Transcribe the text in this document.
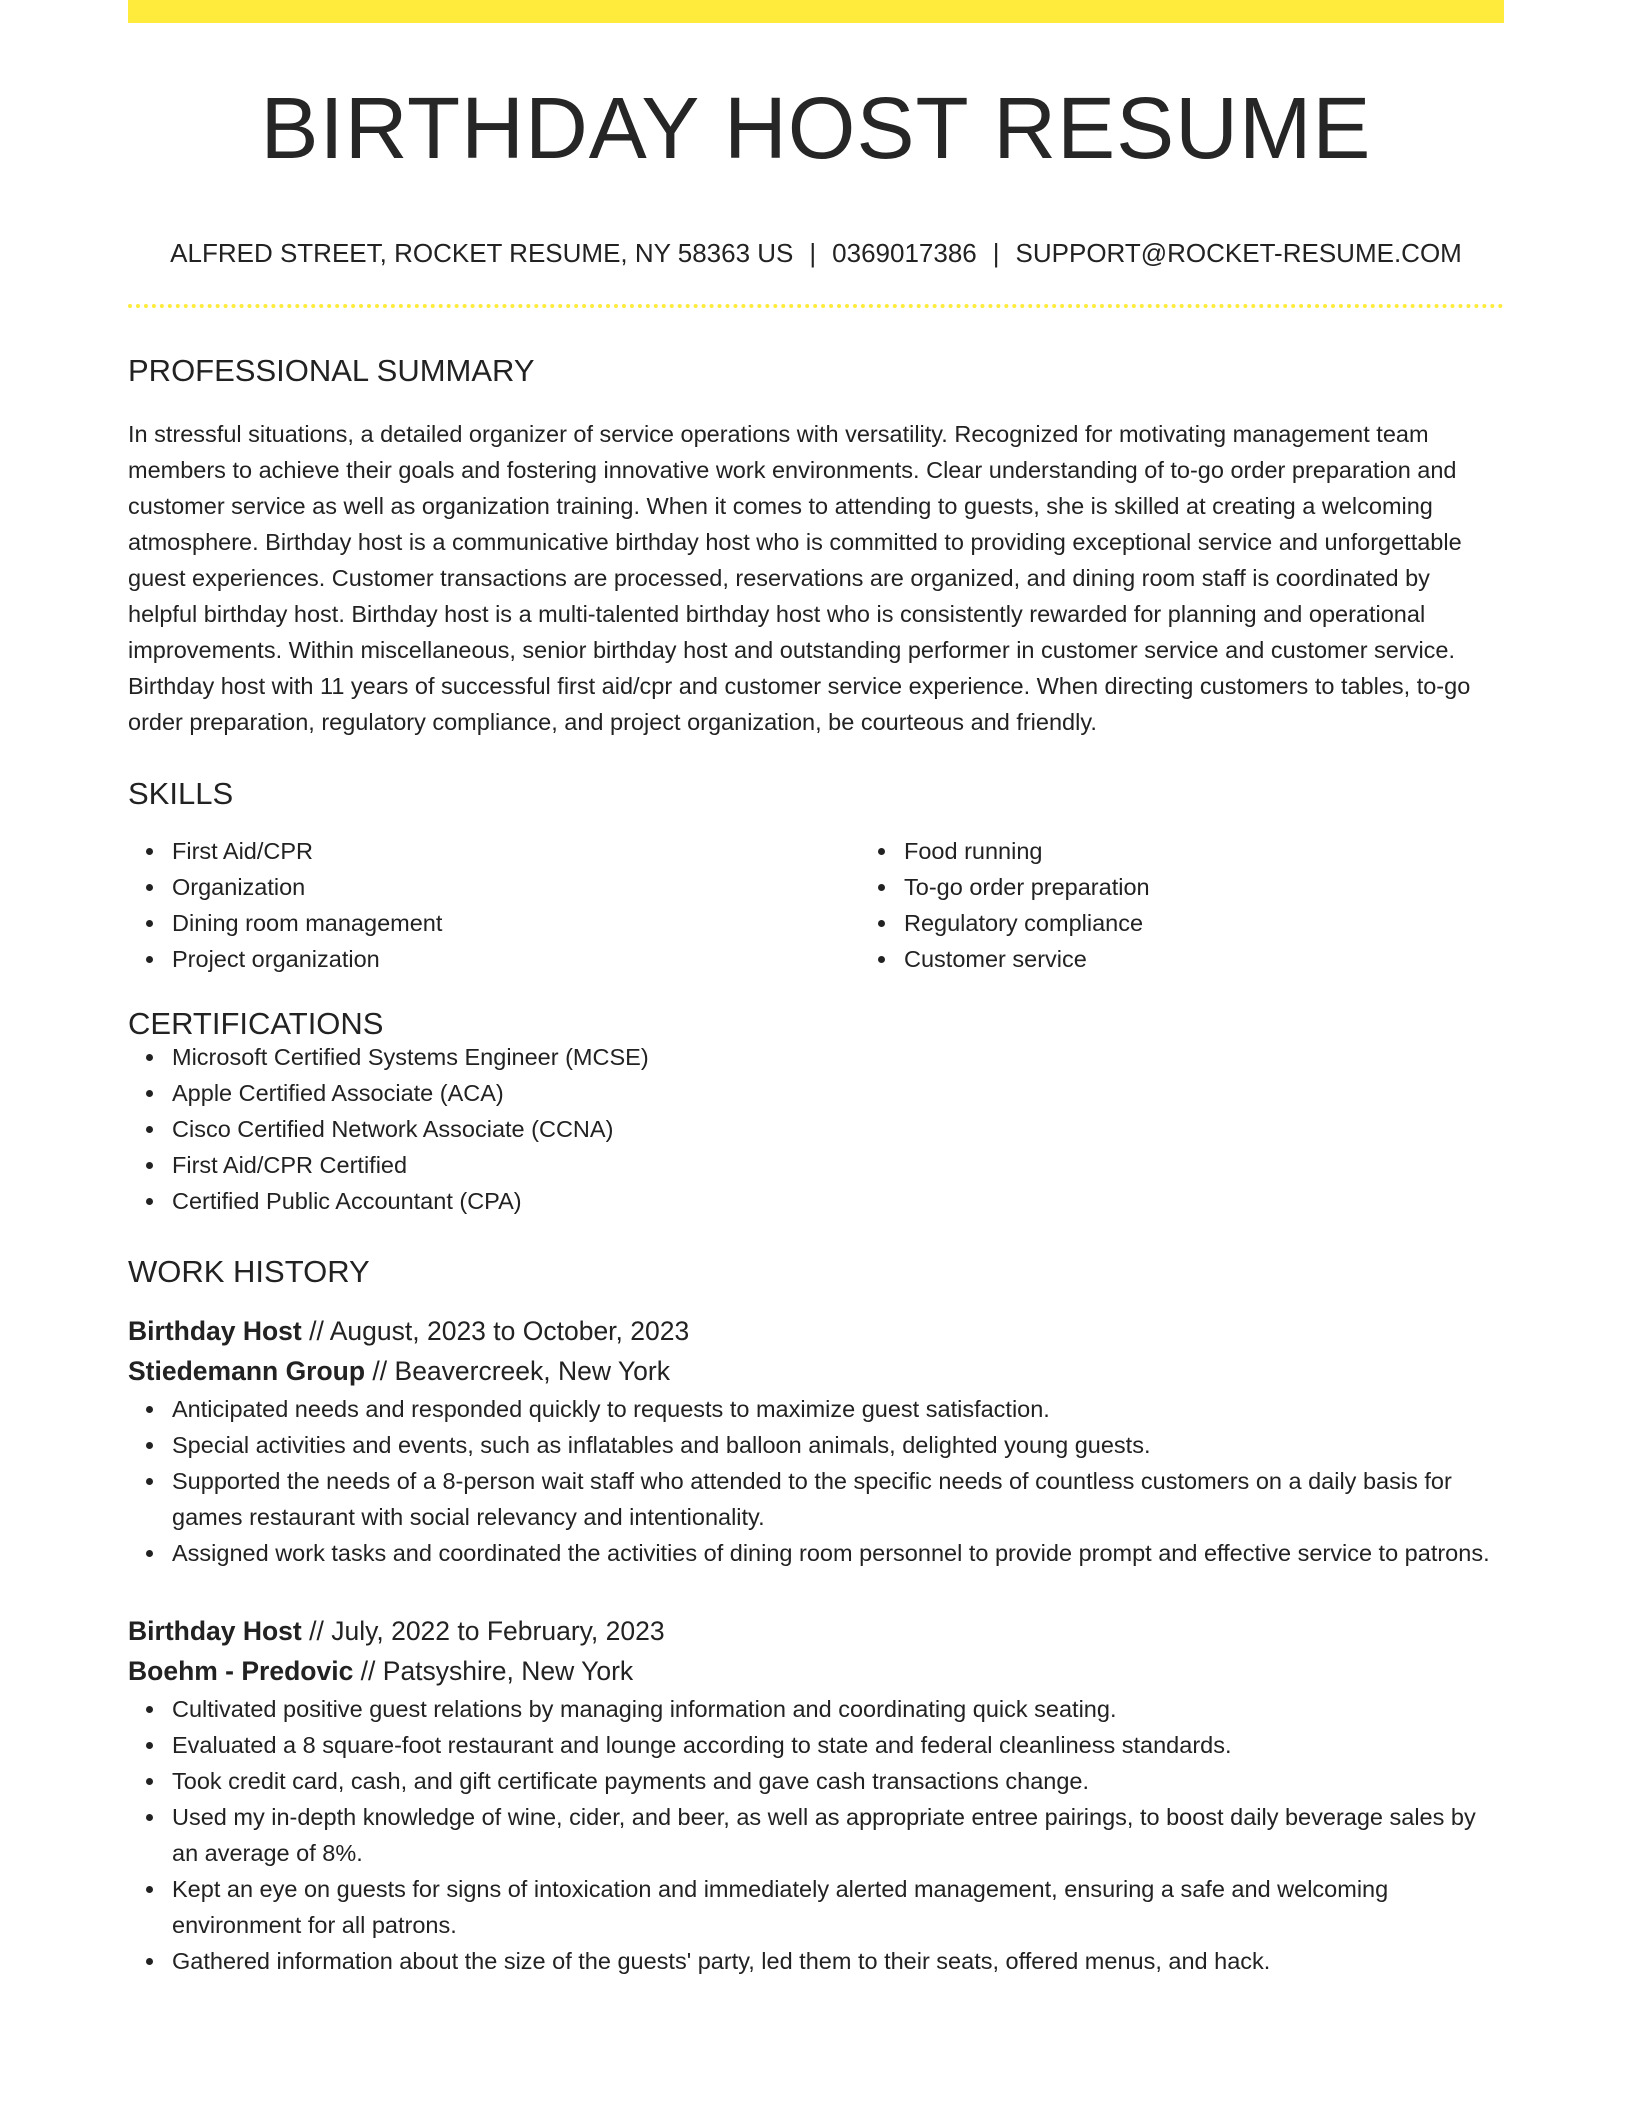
BIRTHDAY HOST RESUME
ALFRED STREET, ROCKET RESUME, NY 58363 US | 0369017386 | SUPPORT@ROCKET-RESUME.COM
PROFESSIONAL SUMMARY

In stressful situations, a detailed organizer of service operations with versatility. Recognized for motivating management team members to achieve their goals and fostering innovative work environments. Clear understanding of to-go order preparation and customer service as well as organization training. When it comes to attending to guests, she is skilled at creating a welcoming atmosphere. Birthday host is a communicative birthday host who is committed to providing exceptional service and unforgettable guest experiences. Customer transactions are processed, reservations are organized, and dining room staff is coordinated by helpful birthday host. Birthday host is a multi-talented birthday host who is consistently rewarded for planning and operational improvements. Within miscellaneous, senior birthday host and outstanding performer in customer service and customer service. Birthday host with 11 years of successful first aid/cpr and customer service experience. When directing customers to tables, to-go order preparation, regulatory compliance, and project organization, be courteous and friendly.

SKILLS
First Aid/CPR
Organization
Dining room management
Project organization
Food running
To-go order preparation
Regulatory compliance
Customer service
CERTIFICATIONS
Microsoft Certified Systems Engineer (MCSE)
Apple Certified Associate (ACA)
Cisco Certified Network Associate (CCNA)
First Aid/CPR Certified
Certified Public Accountant (CPA)
WORK HISTORY
Birthday Host // August, 2023 to October, 2023
Stiedemann Group // Beavercreek, New York
Anticipated needs and responded quickly to requests to maximize guest satisfaction.
Special activities and events, such as inflatables and balloon animals, delighted young guests.
Supported the needs of a 8-person wait staff who attended to the specific needs of countless customers on a daily basis for games restaurant with social relevancy and intentionality.
Assigned work tasks and coordinated the activities of dining room personnel to provide prompt and effective service to patrons.
Birthday Host // July, 2022 to February, 2023
Boehm - Predovic // Patsyshire, New York
Cultivated positive guest relations by managing information and coordinating quick seating.
Evaluated a 8 square-foot restaurant and lounge according to state and federal cleanliness standards.
Took credit card, cash, and gift certificate payments and gave cash transactions change.
Used my in-depth knowledge of wine, cider, and beer, as well as appropriate entree pairings, to boost daily beverage sales by an average of 8%.
Kept an eye on guests for signs of intoxication and immediately alerted management, ensuring a safe and welcoming environment for all patrons.
Gathered information about the size of the guests' party, led them to their seats, offered menus, and hack.
